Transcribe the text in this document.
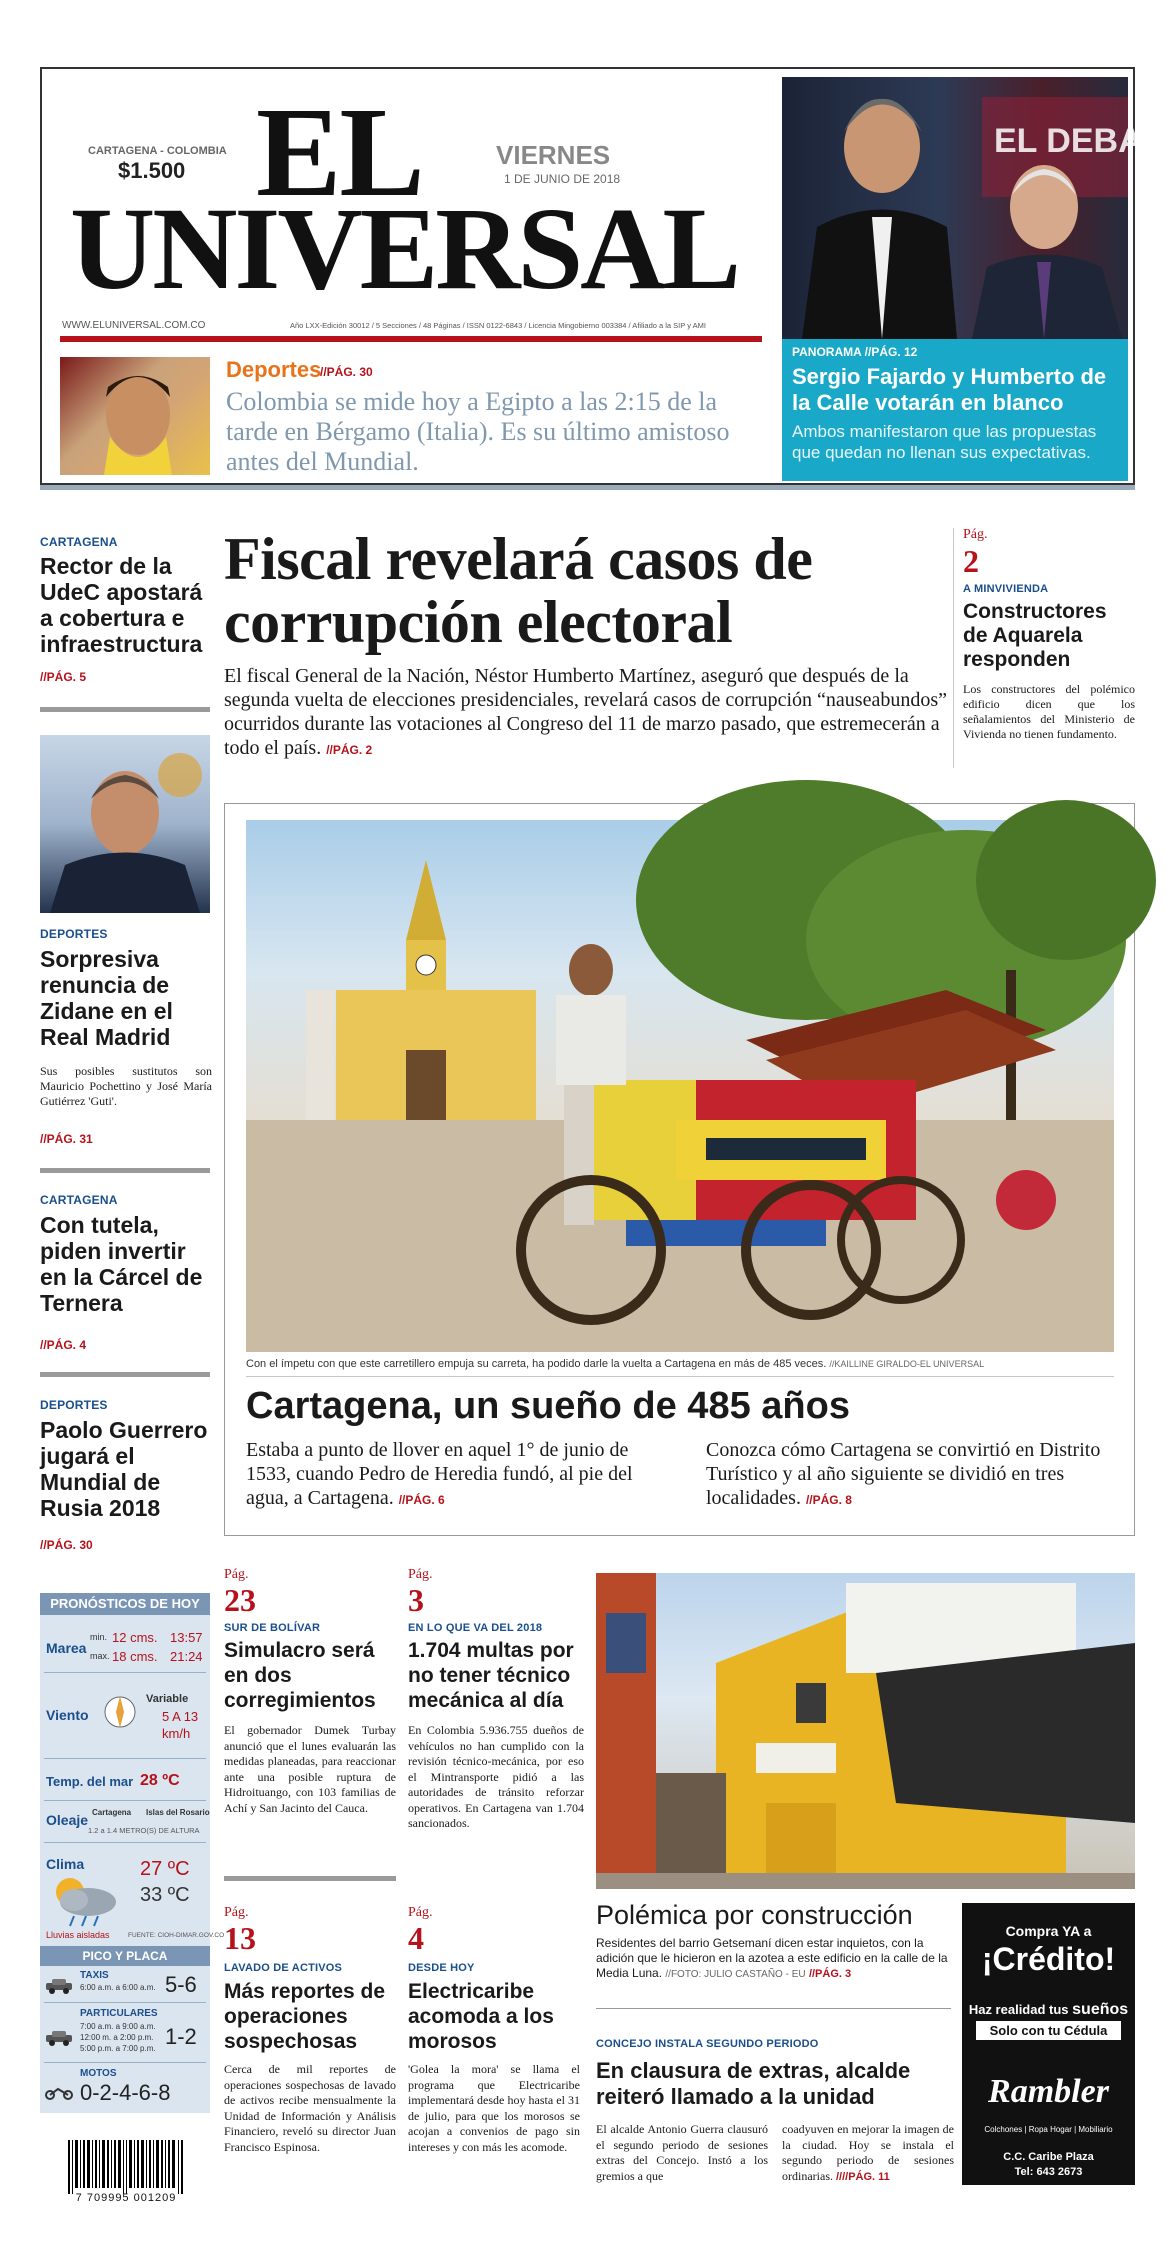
CARTAGENA - COLOMBIA
$1.500 EL
UNIVERSAL
VIERNES
1 DE JUNIO DE 2018
WWW.ELUNIVERSAL.COM.CO	Año LXX-Edición 30012 / 5 Secciones / 48 Páginas / ISSN 0122-6843 / Licencia Mingobierno 003384 / Afiliado a la SIP y AMI
Deportes
//PÁG. 30
Colombia se mide hoy a Egipto a las 2:15 de la tarde en Bérgamo (Italia). Es su último amistoso antes del Mundial.
EL DEBAT
PANORAMA //PÁG. 12
Sergio Fajardo y Humberto de la Calle votarán en blanco
Ambos manifestaron que las propuestas que quedan no llenan sus expectativas.
CARTAGENA
Rector de la UdeC apostará a cobertura e infraestructura
//PÁG. 5
DEPORTES
Sorpresiva renuncia de Zidane en el Real Madrid
Sus posibles sustitutos son Mauricio Pochettino y José María Gutiérrez 'Guti'.
//PÁG. 31
CARTAGENA
Con tutela, piden invertir en la Cárcel de Ternera
//PÁG. 4
DEPORTES
Paolo Guerrero jugará el Mundial de Rusia 2018
//PÁG. 30
Fiscal revelará casos de corrupción electoral
El fiscal General de la Nación, Néstor Humberto Martínez, aseguró que después de la segunda vuelta de elecciones presidenciales, revelará casos de corrupción “nauseabundos” ocurridos durante las votaciones al Congreso del 11 de marzo pasado, que estremecerán a todo el país. //PÁG. 2
Pág.
2
A MINVIVIENDA
Constructores de Aquarela responden
Los constructores del polémico edificio dicen que los señalamientos del Ministerio de Vivienda no tienen fundamento.
Con el ímpetu con que este carretillero empuja su carreta, ha podido darle la vuelta a Cartagena en más de 485 veces. //KAILLINE GIRALDO-EL UNIVERSAL
Cartagena, un sueño de 485 años
Estaba a punto de llover en aquel 1° de junio de 1533, cuando Pedro de Heredia fundó, al pie del agua, a Cartagena. //PÁG. 6
Conozca cómo Cartagena se convirtió en Distrito Turístico y al año siguiente se dividió en tres localidades. //PÁG. 8
PRONÓSTICOS DE HOY
Marea
min. 12 cms. 13:57
max. 18 cms. 21:24
Viento
Variable
5 A 13
km/h
Temp. del mar 28 ºC
Oleaje Cartagena Islas del Rosario
1.2 a 1.4 METRO(S) DE ALTURA
Clima	27 ºC
33 ºC
Lluvias aisladas	FUENTE: CIOH-DIMAR.GOV.CO
PICO Y PLACA
TAXIS
6:00 a.m. a 6:00 a.m. 5-6
PARTICULARES
7:00 a.m. a 9:00 a.m.
12:00 m. a 2:00 p.m.
5:00 p.m. a 7:00 p.m. 1-2
MOTOS
0-2-4-6-8
7 709995 001209
Pág.
23
SUR DE BOLÍVAR
Simulacro será en dos corregimientos
El gobernador Dumek Turbay anunció que el lunes evaluarán las medidas planeadas, para reaccionar ante una posible ruptura de Hidroituango, con 103 familias de Achí y San Jacinto del Cauca.
Pág.
3
EN LO QUE VA DEL 2018
1.704 multas por no tener técnico mecánica al día
En Colombia 5.936.755 dueños de vehículos no han cumplido con la revisión técnico-mecánica, por eso el Mintransporte pidió a las autoridades de tránsito reforzar operativos. En Cartagena van 1.704 sancionados.
Pág.
13
LAVADO DE ACTIVOS
Más reportes de operaciones sospechosas
Cerca de mil reportes de operaciones sospechosas de lavado de activos recibe mensualmente la Unidad de Información y Análisis Financiero, reveló su director Juan Francisco Espinosa.
Pág.
4
DESDE HOY
Electricaribe acomoda a los morosos
'Golea la mora' se llama el programa que Electricaribe implementará desde hoy hasta el 31 de julio, para que los morosos se acojan a convenios de pago sin intereses y con más les acomode.
Polémica por construcción
Residentes del barrio Getsemaní dicen estar inquietos, con la adición que le hicieron en la azotea a este edificio en la calle de la Media Luna. //FOTO: JULIO CASTAÑO - EU //PÁG. 3
CONCEJO INSTALA SEGUNDO PERIODO
En clausura de extras, alcalde reiteró llamado a la unidad
El alcalde Antonio Guerra clausuró el segundo periodo de sesiones extras del Concejo. Instó a los gremios a que
coadyuven en mejorar la imagen de la ciudad. Hoy se instala el segundo periodo de sesiones ordinarias. ////PÁG. 11
Compra YA a
¡Crédito!
Haz realidad tus sueños
Solo con tu Cédula
Rambler
Colchones | Ropa Hogar | Mobiliario
C.C. Caribe Plaza
Tel: 643 2673
